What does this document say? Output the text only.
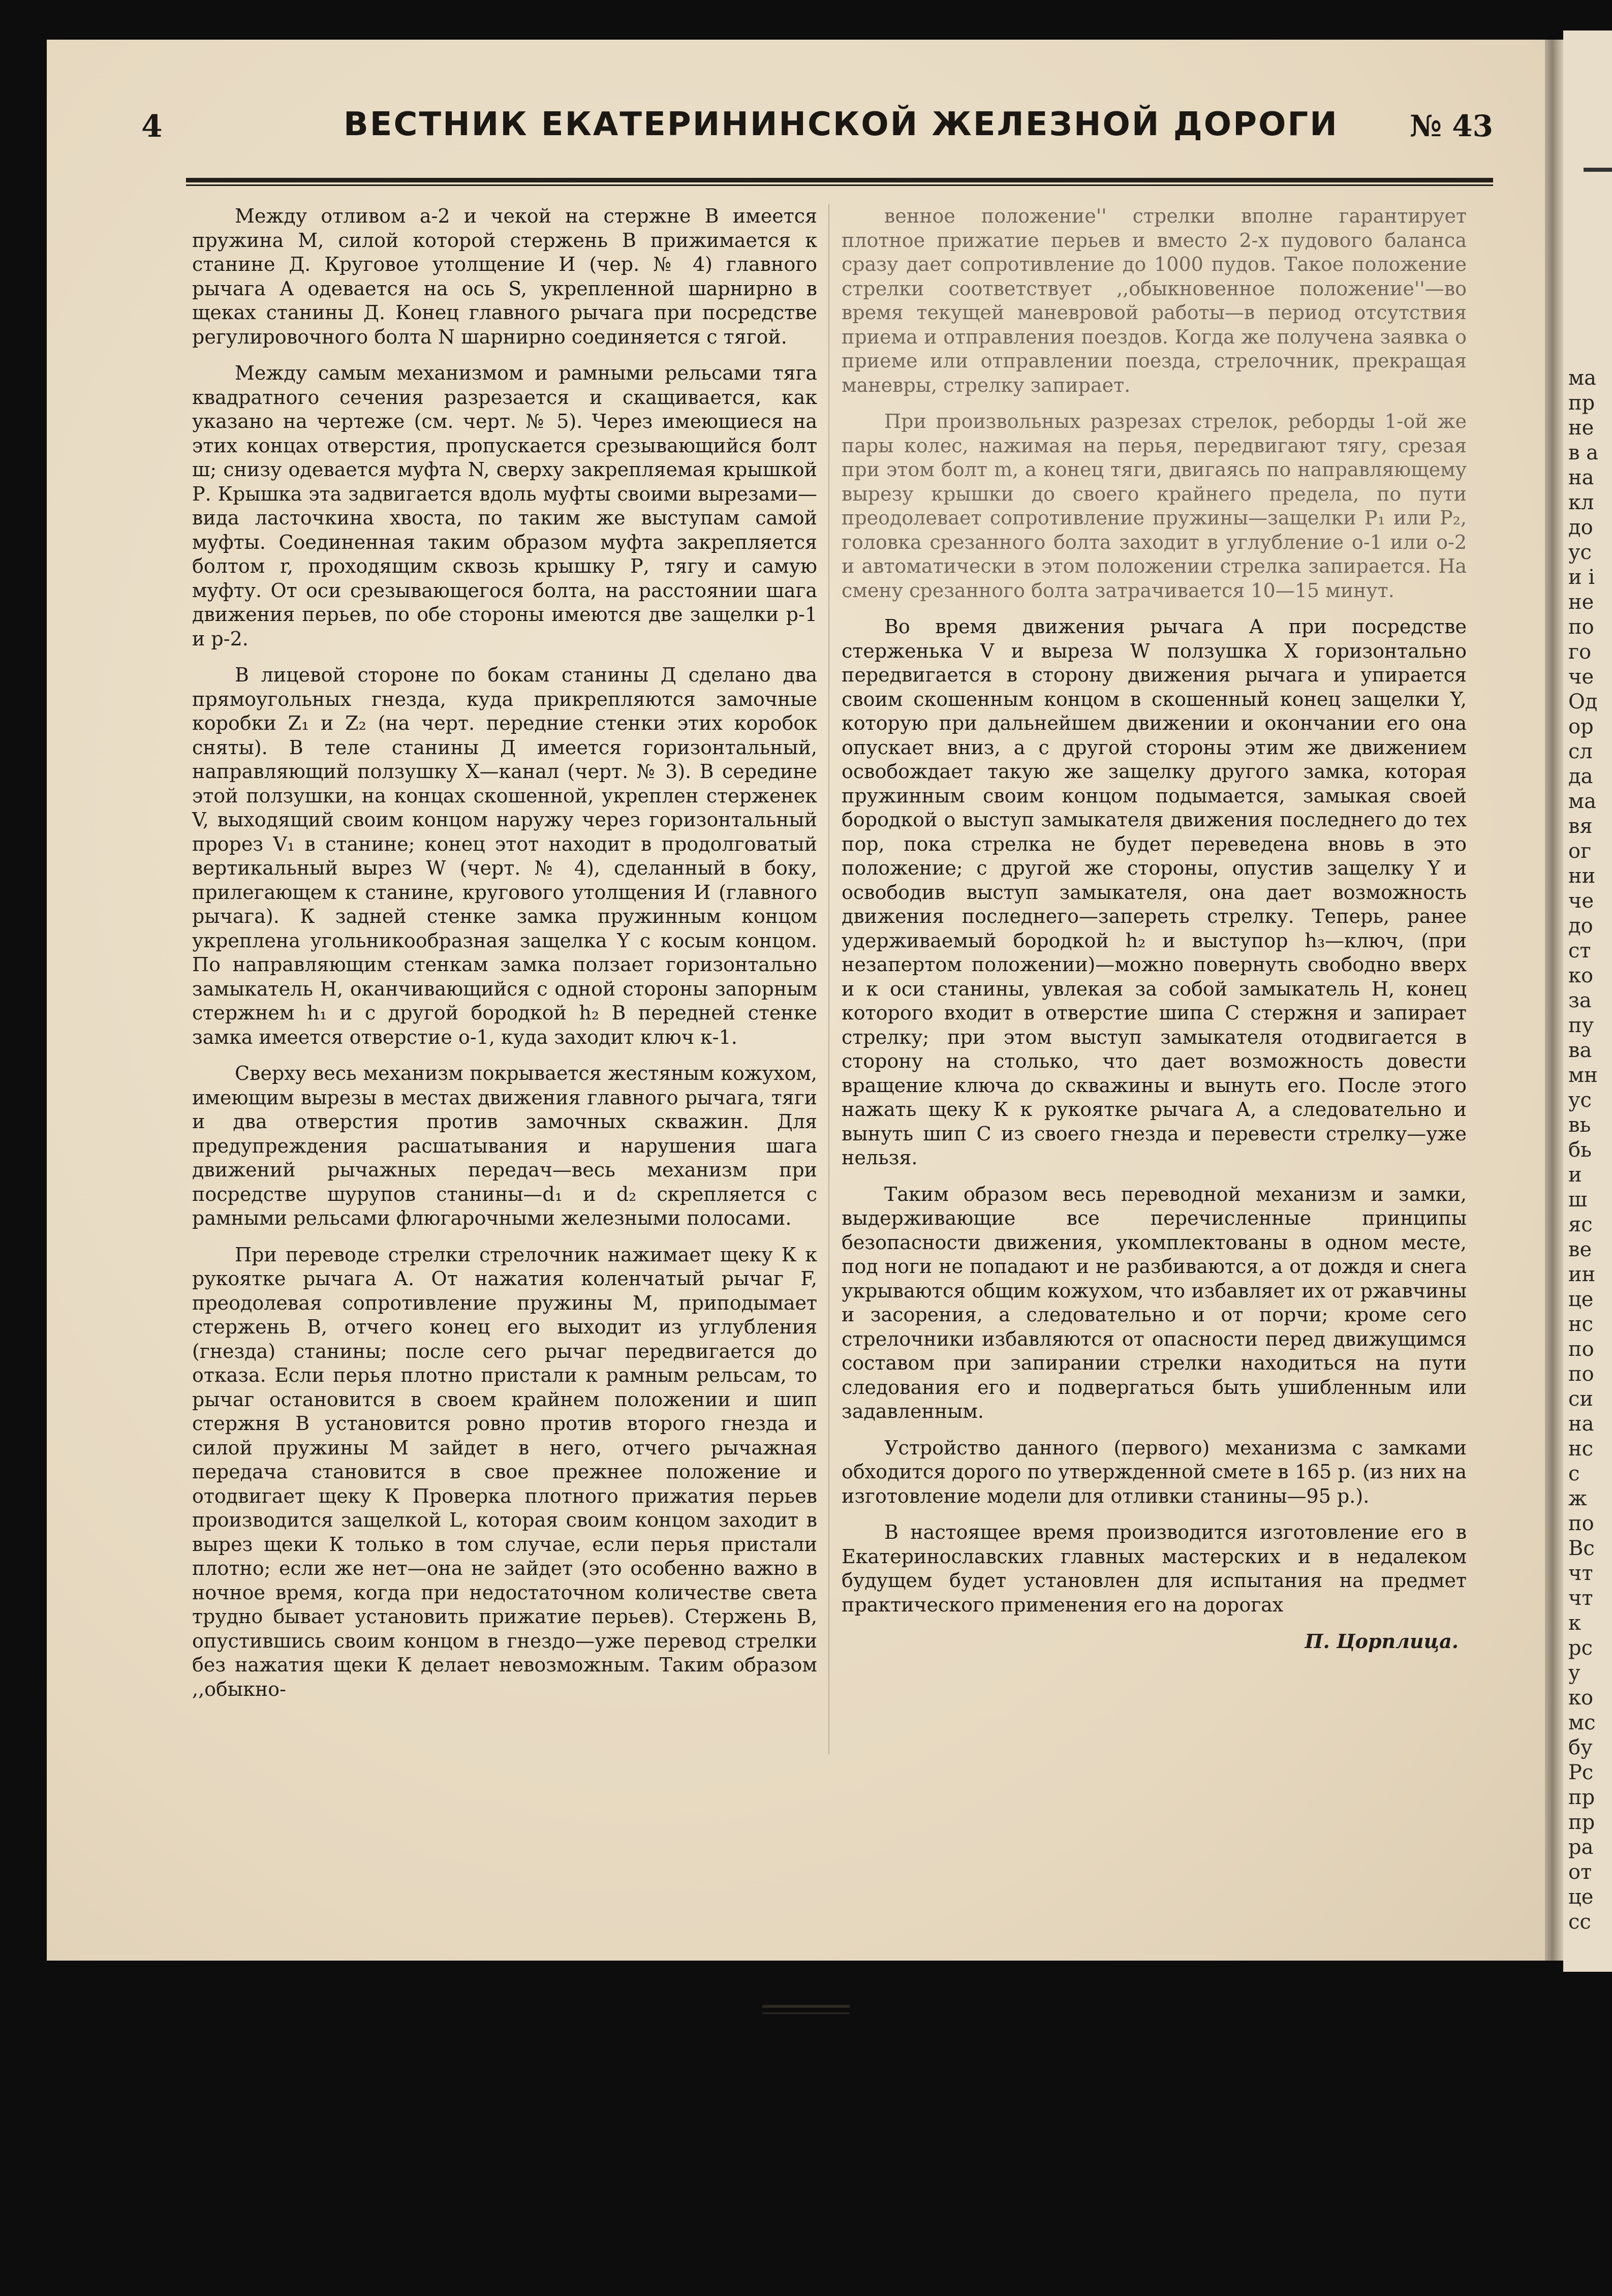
ма
пр
не
в а
на
кл
до
ус
и і
не
по
го
че
Од
ор
сл
да
ма
вя
ог
ни
че
до
ст
ко
за
пу
ва
мн
ус
вь
бь
и
ш
яс
ве
ин
це
нс
по
по
си
на
нс
с
ж
по
Вс
чт
чт
к
рс
у
ко
мс
бу
Рс
пр
пр
ра
от
це
сс
4	ВЕСТНИК ЕКАТЕРИНИНСКОЙ ЖЕЛЕЗНОЙ ДОРОГИ № 43

Между отливом а-2 и чекой на стержне В имеется пружина М, силой которой стержень В прижимается к станине Д. Круговое утолщение И (чер. № 4) главного рычага А одевается на ось S, укрепленной шарнирно в щеках станины Д. Конец главного рычага при посредстве регулировочного болта N шарнирно соединяется с тягой.

Между самым механизмом и рамными рельсами тяга квадратного сечения разрезается и скащивается, как указано на чертеже (см. черт. № 5). Через имеющиеся на этих концах отверстия, пропускается срезывающийся болт ш; снизу одевается муфта N, сверху закрепляемая крышкой Р. Крышка эта задвигается вдоль муфты своими вырезами—вида ласточкина хвоста, по таким же выступам самой муфты. Соединенная таким образом муфта закрепляется болтом r, проходящим сквозь крышку Р, тягу и самую муфту. От оси срезывающегося болта, на расстоянии шага движения перьев, по обе стороны имеются две защелки р-1 и р-2.

В лицевой стороне по бокам станины Д сделано два прямоугольных гнезда, куда прикрепляются замочные коробки Z₁ и Z₂ (на черт. передние стенки этих коробок сняты). В теле станины Д имеется горизонтальный, направляющий ползушку Х—канал (черт. № 3). В середине этой ползушки, на концах скошенной, укреплен стерженек V, выходящий своим концом наружу через горизонтальный прорез V₁ в станине; конец этот находит в продолговатый вертикальный вырез W (черт. № 4), сделанный в боку, прилегающем к станине, кругового утолщения И (главного рычага). К задней стенке замка пружинным концом укреплена угольникообразная защелка Y с косым концом. По направляющим стенкам замка ползает горизонтально замыкатель Н, оканчивающийся с одной стороны запорным стержнем h₁ и с другой бородкой h₂ В передней стенке замка имеется отверстие о-1, куда заходит ключ к-1.

Сверху весь механизм покрывается жестяным кожухом, имеющим вырезы в местах движения главного рычага, тяги и два отверстия против замочных скважин. Для предупреждения расшатывания и нарушения шага движений рычажных передач—весь механизм при посредстве шурупов станины—d₁ и d₂ скрепляется с рамными рельсами флюгарочными железными полосами.

При переводе стрелки стрелочник нажимает щеку К к рукоятке рычага А. От нажатия коленчатый рычаг F, преодолевая сопротивление пружины М, приподымает стержень В, отчего конец его выходит из углубления (гнезда) станины; после сего рычаг передвигается до отказа. Если перья плотно пристали к рамным рельсам, то рычаг остановится в своем крайнем положении и шип стержня В установится ровно против второго гнезда и силой пружины М зайдет в него, отчего рычажная передача становится в свое прежнее положение и отодвигает щеку К Проверка плотного прижатия перьев производится защелкой L, которая своим концом заходит в вырез щеки К только в том случае, если перья пристали плотно; если же нет—она не зайдет (это особенно важно в ночное время, когда при недостаточном количестве света трудно бывает установить прижатие перьев). Стержень В, опустившись своим концом в гнездо—уже перевод стрелки без нажатия щеки К делает невозможным. Таким образом ,,обыкно-

венное положение'' стрелки вполне гарантирует плотное прижатие перьев и вместо 2-х пудового баланса сразу дает сопротивление до 1000 пудов. Такое положение стрелки соответствует ,,обыкновенное положение''—во время текущей маневровой работы—в период отсутствия приема и отправления поездов. Когда же получена заявка о приеме или отправлении поезда, стрелочник, прекращая маневры, стрелку запирает.

При произвольных разрезах стрелок, реборды 1-ой же пары колес, нажимая на перья, передвигают тягу, срезая при этом болт m, а конец тяги, двигаясь по направляющему вырезу крышки до своего крайнего предела, по пути преодолевает сопротивление пружины—защелки Р₁ или Р₂, головка срезанного болта заходит в углубление о-1 или о-2 и автоматически в этом положении стрелка запирается. На смену срезанного болта затрачивается 10—15 минут.

Во время движения рычага А при посредстве стерженька V и выреза W ползушка Х горизонтально передвигается в сторону движения рычага и упирается своим скошенным концом в скошенный конец защелки Y, которую при дальнейшем движении и окончании его она опускает вниз, а с другой стороны этим же движением освобождает такую же защелку другого замка, которая пружинным своим концом подымается, замыкая своей бородкой о выступ замыкателя движения последнего до тех пор, пока стрелка не будет переведена вновь в это положение; с другой же стороны, опустив защелку Y и освободив выступ замыкателя, она дает возможность движения последнего—запереть стрелку. Теперь, ранее удерживаемый бородкой h₂ и выступор h₃—ключ, (при незапертом положении)—можно повернуть свободно вверх и к оси станины, увлекая за собой замыкатель Н, конец которого входит в отверстие шипа С стержня и запирает стрелку; при этом выступ замыкателя отодвигается в сторону на столько, что дает возможность довести вращение ключа до скважины и вынуть его. После этого нажать щеку К к рукоятке рычага А, а следовательно и вынуть шип С из своего гнезда и перевести стрелку—уже нельзя.

Таким образом весь переводной механизм и замки, выдерживающие все перечисленные принципы безопасности движения, укомплектованы в одном месте, под ноги не попадают и не разбиваются, а от дождя и снега укрываются общим кожухом, что избавляет их от ржавчины и засорения, а следовательно и от порчи; кроме сего стрелочники избавляются от опасности перед движущимся составом при запирании стрелки находиться на пути следования его и подвергаться быть ушибленным или задавленным.

Устройство данного (первого) механизма с замками обходится дорого по утвержденной смете в 165 р. (из них на изготовление модели для отливки станины—95 р.).

В настоящее время производится изготовление его в Екатеринославских главных мастерских и в недалеком будущем будет установлен для испытания на предмет практического применения его на дорогах

П. Цорплица.
